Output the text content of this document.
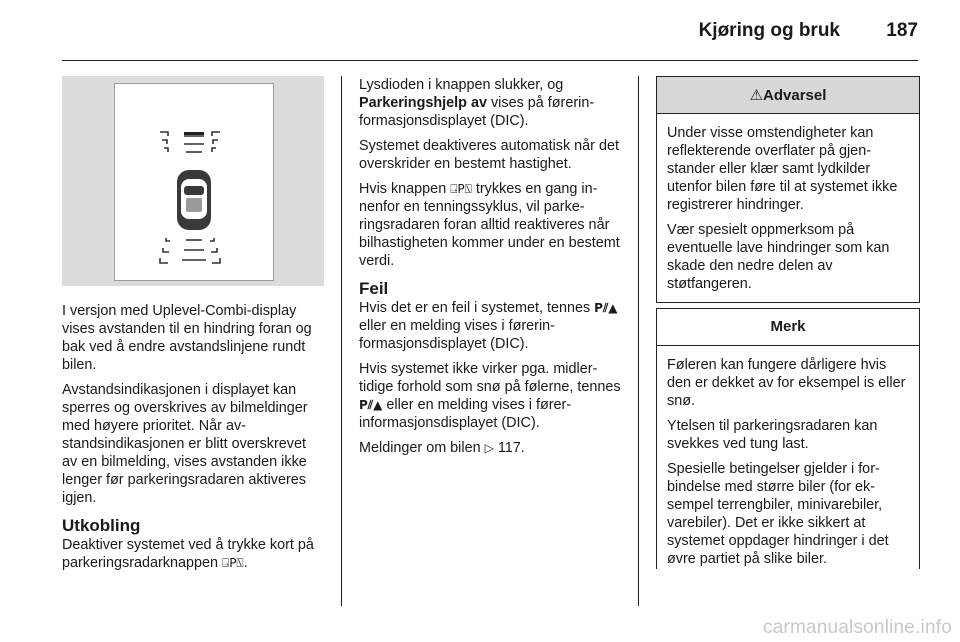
Kjøring og bruk 187

I versjon med Uplevel-Combi-display vises avstanden til en hindring foran og bak ved å endre avstandslinjene rundt bilen.

Avstandsindikasjonen i displayet kan sperres og overskrives av bilmeldinger med høyere prioritet. Når avstandsindikasjonen er blitt overskrevet av en bilmelding, vises avstanden ikke lenger før parkeringsradaren aktiveres igjen.

Utkobling

Deaktiver systemet ved å trykke kort på parkeringsradarknappen ⍈P⍂.

Lysdioden i knappen slukker, og Parkeringshjelp av vises på førerinformasjonsdisplayet (DIC).

Systemet deaktiveres automatisk når det overskrider en bestemt hastighet.

Hvis knappen ⍈P⍂ trykkes en gang innenfor en tenningssyklus, vil parkeringsradaren foran alltid reaktiveres når bilhastigheten kommer under en bestemt verdi.

Feil

Hvis det er en feil i systemet, tennes P⫽▲ eller en melding vises i førerinformasjonsdisplayet (DIC).

Hvis systemet ikke virker pga. midlertidige forhold som snø på følerne, tennes P⫽▲ eller en melding vises i førerinformasjonsdisplayet (DIC).

Meldinger om bilen ▷ 117.

⚠Advarsel

Under visse omstendigheter kan reflekterende overflater på gjenstander eller klær samt lydkilder utenfor bilen føre til at systemet ikke registrerer hindringer.

Vær spesielt oppmerksom på eventuelle lave hindringer som kan skade den nedre delen av støtfangeren.

Merk

Føleren kan fungere dårligere hvis den er dekket av for eksempel is eller snø.

Ytelsen til parkeringsradaren kan svekkes ved tung last.

Spesielle betingelser gjelder i forbindelse med større biler (for eksempel terrengbiler, minivarebiler, varebiler). Det er ikke sikkert at systemet oppdager hindringer i det øvre partiet på slike biler.

carmanualsonline.info
